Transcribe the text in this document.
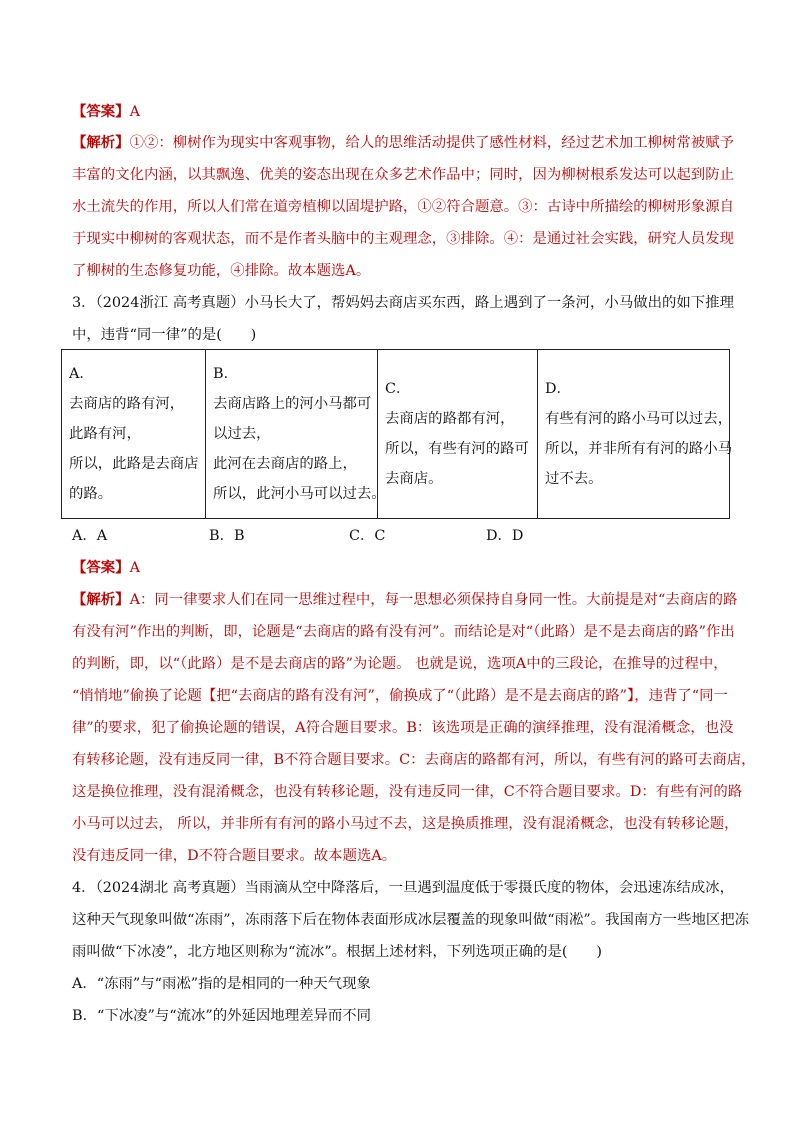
【答案】A
【解析】①②：柳树作为现实中客观事物，给人的思维活动提供了感性材料，经过艺术加工柳树常被赋予
丰富的文化内涵，以其飘逸、优美的姿态出现在众多艺术作品中；同时，因为柳树根系发达可以起到防止
水土流失的作用，所以人们常在道旁植柳以固堤护路，①②符合题意。③：古诗中所描绘的柳树形象源自
于现实中柳树的客观状态，而不是作者头脑中的主观理念，③排除。④：是通过社会实践，研究人员发现
了柳树的生态修复功能，④排除。故本题选A。
3．（2024浙江 高考真题）小马长大了，帮妈妈去商店买东西，路上遇到了一条河，小马做出的如下推理
中，违背“同一律”的是(　　)
A．
去商店的路有河，
此路有河，
所以，此路是去商店
的路。

B．
去商店路上的河小马都可
以过去，
此河在去商店的路上，
所以，此河小马可以过去。

C．
去商店的路都有河，
所以，有些有河的路可
去商店。

D．
有些有河的路小马可以过去，
所以，并非所有有河的路小马
过不去。
A．A	B．B	C．C	D．D
【答案】A
【解析】A：同一律要求人们在同一思维过程中，每一思想必须保持自身同一性。大前提是对“去商店的路
有没有河”作出的判断，即，论题是“去商店的路有没有河”。而结论是对“（此路）是不是去商店的路”作出
的判断，即，以“（此路）是不是去商店的路”为论题。 也就是说，选项A中的三段论，在推导的过程中，
“悄悄地”偷换了论题【把“去商店的路有没有河”，偷换成了“（此路）是不是去商店的路”】，违背了“同一
律”的要求，犯了偷换论题的错误，A符合题目要求。B：该选项是正确的演绎推理，没有混淆概念，也没
有转移论题，没有违反同一律，B不符合题目要求。C：去商店的路都有河，所以，有些有河的路可去商店，
这是换位推理，没有混淆概念，也没有转移论题，没有违反同一律，C不符合题目要求。D：有些有河的路
小马可以过去， 所以，并非所有有河的路小马过不去，这是换质推理，没有混淆概念，也没有转移论题，
没有违反同一律，D不符合题目要求。故本题选A。
4．（2024湖北 高考真题）当雨滴从空中降落后，一旦遇到温度低于零摄氏度的物体，会迅速冻结成冰，
这种天气现象叫做“冻雨”，冻雨落下后在物体表面形成冰层覆盖的现象叫做“雨凇”。我国南方一些地区把冻
雨叫做“下冰凌”，北方地区则称为“流冰”。根据上述材料，下列选项正确的是(　　)
A．“冻雨”与“雨凇”指的是相同的一种天气现象
B．“下冰凌”与“流冰”的外延因地理差异而不同
